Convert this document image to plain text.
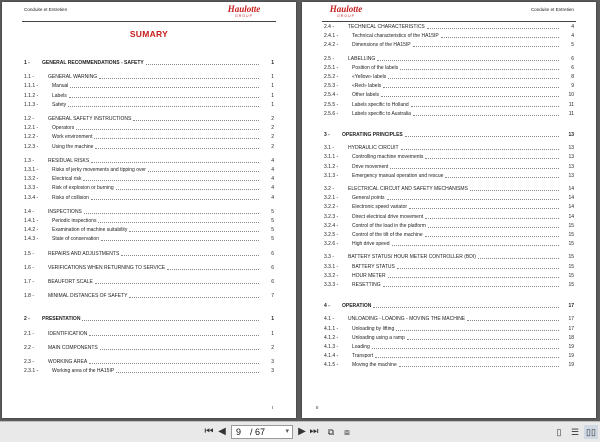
Conduite et Entretien	Haulotte
GROUP
SUMARY
1 - GENERAL RECOMMENDATIONS - SAFETY	1
1.1 -	GENERAL WARNING	1
1.1.1 -	Manual	1
1.1.2 -	Labels	1
1.1.3 -	Safety	1
1.2 -	GENERAL SAFETY INSTRUCTIONS	2
1.2.1 -	Operators	2
1.2.2 -	Work environment	2
1.2.3 -	Using the machine	2
1.3 -	RESIDUAL RISKS	4
1.3.1 -	Risks of jerky movements and tipping over	4
1.3.2 -	Electrical risk	4
1.3.3 -	Risk of explosion or burning	4
1.3.4 -	Risks of collision	4
1.4 -	INSPECTIONS	5
1.4.1 -	Periodic inspections	5
1.4.2 -	Examination of machine suitability	5
1.4.3 -	State of conservation	5
1.5 -	REPAIRS AND ADJUSTMENTS	6
1.6 -	VERIFICATIONS WHEN RETURNING TO SERVICE	6
1.7 -	BEAUFORT SCALE	6
1.8 -	MINIMAL DISTANCES OF SAFETY	7
2 - PRESENTATION	1
2.1 -	IDENTIFICATION	1
2.2 -	MAIN COMPONENTS	2
2.3 -	WORKING AREA	3
2.3.1 -	Working area of the HA15IP	3
I
Haulotte
GROUP
Conduite et Entretien
2.4 -	TECHNICAL CHARACTERISTICS	4
2.4.1 -	Technical characteristics of the HA15IP	4
2.4.2 -	Dimensions of the HA15IP	5
2.5 -	LABELLING	6
2.5.1 -	Position of the labels	6
2.5.2 -	«Yellow» labels	8
2.5.3 -	«Red» labels	9
2.5.4 -	Other labels	10
2.5.5 -	Labels specific to Holland	11
2.5.6 -	Labels specific to Australia	11
3 - OPERATING PRINCIPLES	13
3.1 -	HYDRAULIC CIRCUIT	13
3.1.1 -	Controlling machine movements	13
3.1.2 -	Drive movement	13
3.1.3 -	Emergency manual operation and rescue	13
3.2 -	ELECTRICAL CIRCUIT AND SAFETY MECHANISMS	14
3.2.1 -	General points	14
3.2.2 -	Electronic speed variator	14
3.2.3 -	Direct electrical drive movement	14
3.2.4 -	Control of the load in the platform	15
3.2.5 -	Control of the tilt of the machine	15
3.2.6 -	High drive speed	15
3.3 -	BATTERY STATUS/ HOUR METER CONTROLLER (BDI)	15
3.3.1 -	BATTERY STATUS	15
3.3.2 -	HOUR METER	15
3.3.3 -	RESETTING	15
4 - OPERATION	17
4.1 -	UNLOADING - LOADING - MOVING THE MACHINE	17
4.1.1 -	Unloading by lifting	17
4.1.2 -	Unloading using a ramp	18
4.1.3 -	Loading	19
4.1.4 -	Transport	19
4.1.5 -	Moving the machine	19
II
⏮ ◀ 9 / 67	▾ ▶ ⏭	⧉	⧈	▯	☰ ▯▯
